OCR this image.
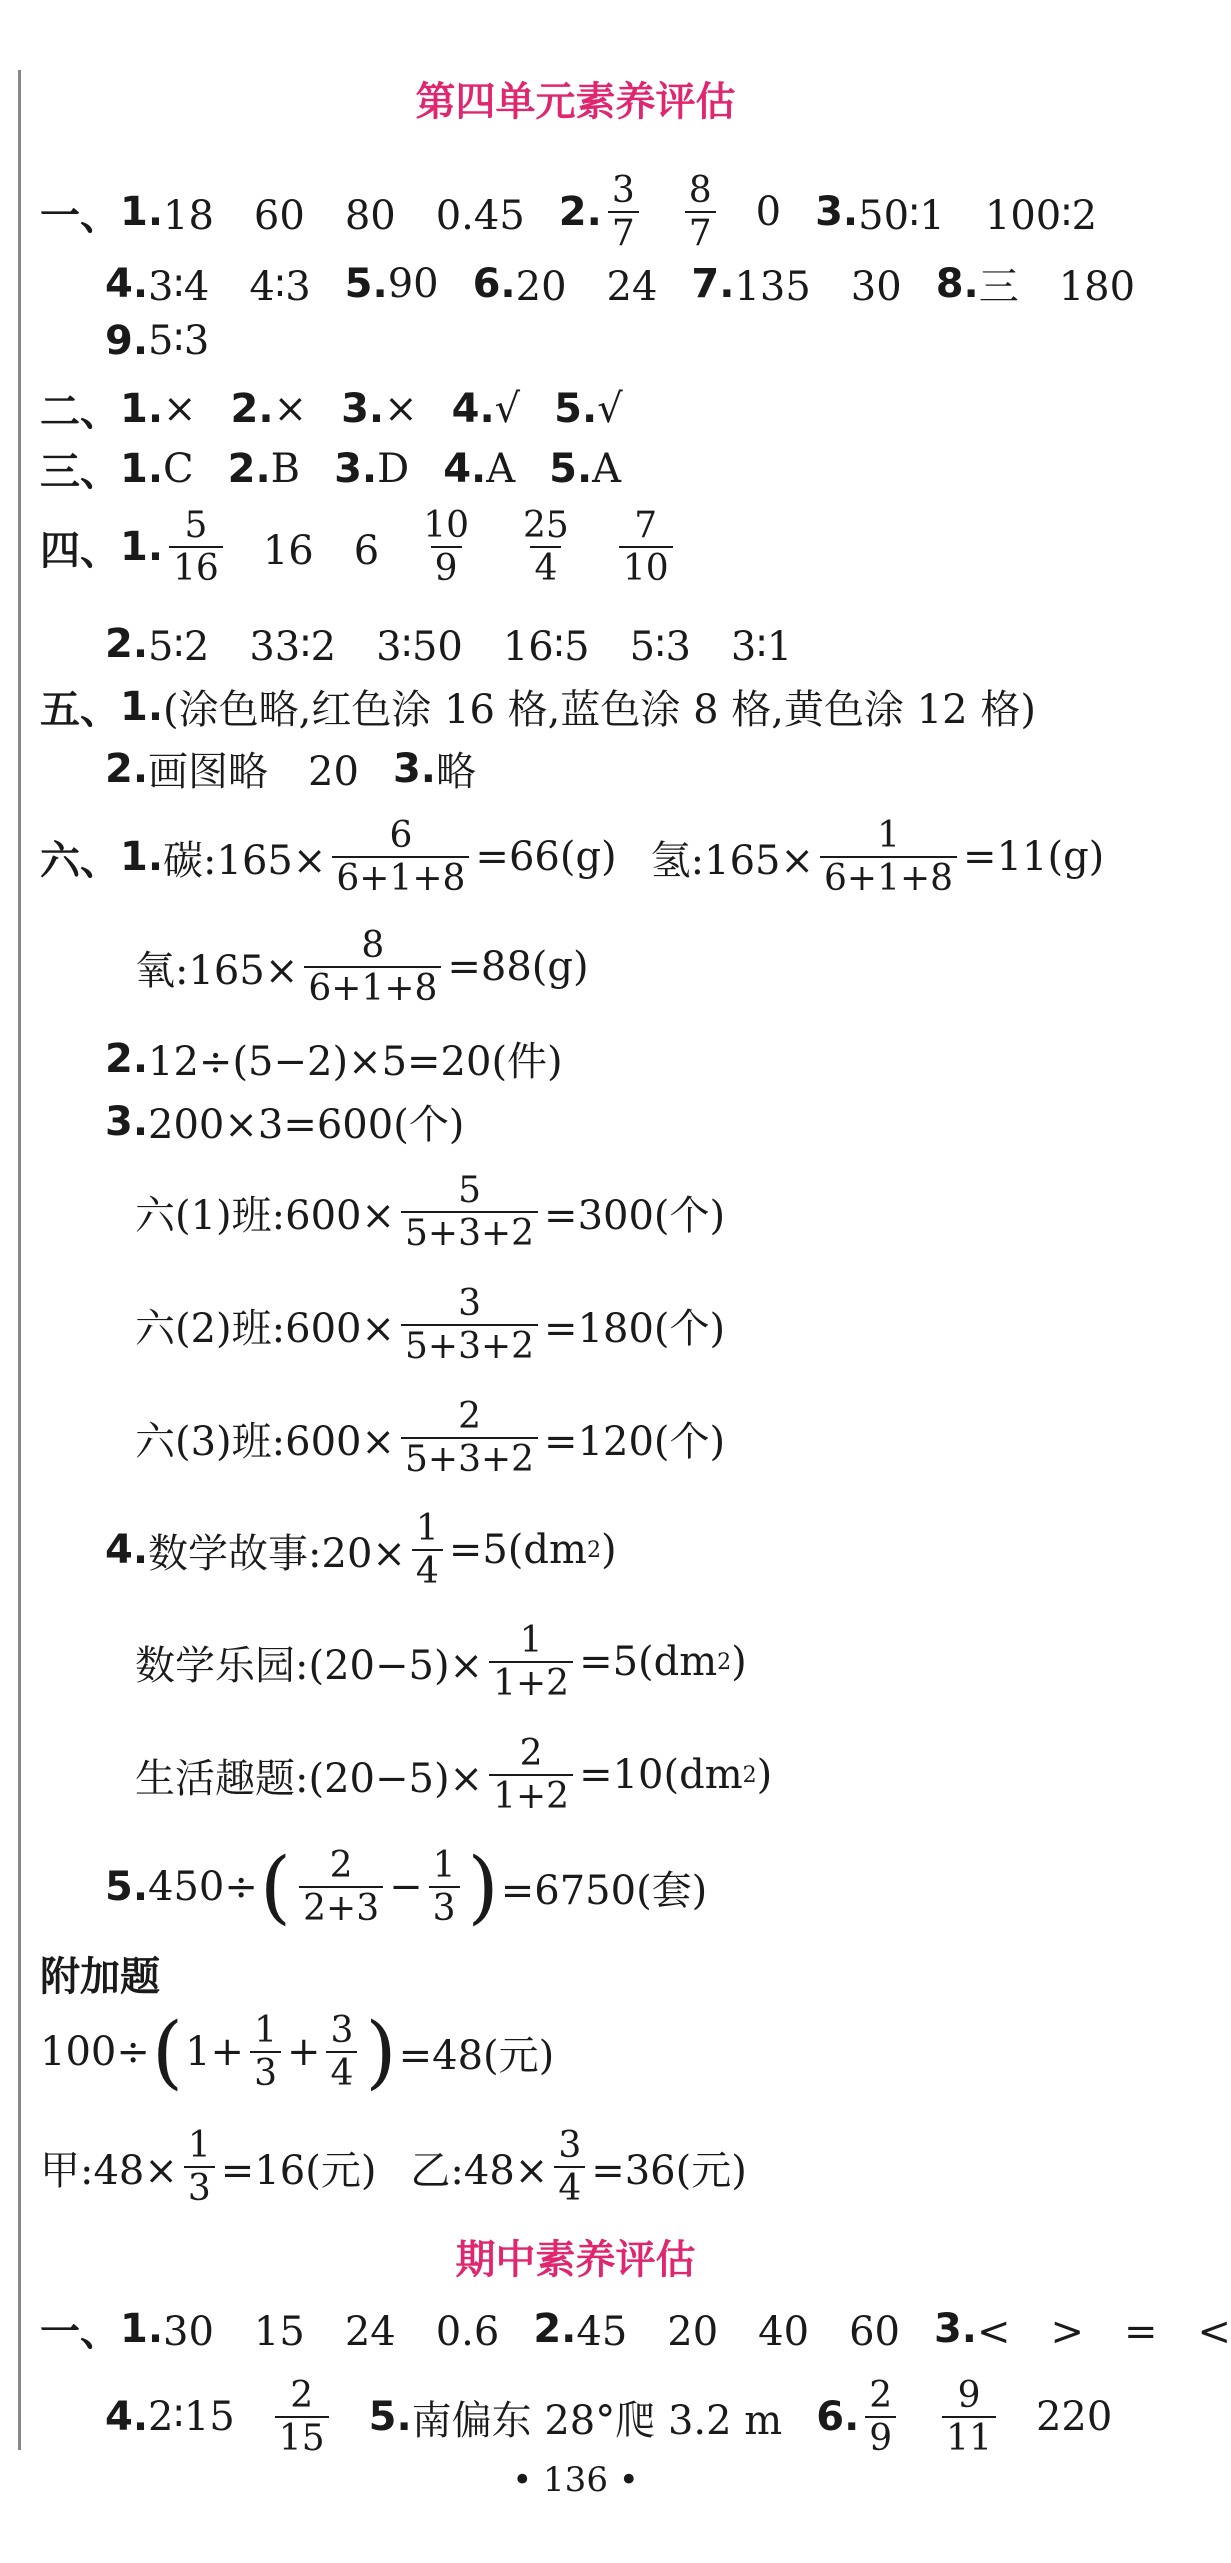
第四单元素养评估
一、 1. 18　60　80　0.45 2. $\frac{3}{7} \frac{8}{7} 0$ 3. 50∶1　100∶2
4. 3∶4　4∶3 5. 90 6. 20　24 7. 135　30 8. 三　180
9. 5∶3
二、 1. × 2. × 3. × 4. √ 5. √
三、 1. C 2. B 3. D 4. A 5. A
四、 1. $\frac{5}{16} 16$　$6 \frac{10}{9} \frac{25}{4} \frac{7}{10}$
2. 5∶2　33∶2　3∶50　16∶5　5∶3　3∶1
五、 1. (涂色略,红色涂 16 格,蓝色涂 8 格,黄色涂 12 格)
2. 画图略　20 3. 略
六、 1. 碳:165× $\frac{6}{6+1+8} =66(g)$ 氢:165× $\frac{1}{6+1+8} =11(g)$
氧:165× $\frac{8}{6+1+8} =88(g)$
2. 12÷(5−2)×5=20(件)
3. 200×3=600(个)
六(1)班:600× $\frac{5}{5+3+2} =300$(个)
六(2)班:600× $\frac{3}{5+3+2} =180$(个)
六(3)班:600× $\frac{2}{5+3+2} =120$(个)
4. 数学故事:20× $\frac{1}{4} =5(dm$ 2 )
数学乐园:(20−5)× $\frac{1}{1+2} =5(dm$ 2 )
生活趣题:(20−5)× $\frac{2}{1+2} =10(dm$ 2 )
5. 450÷ ( $\frac{2}{2+3} - \frac{1}{3}$ ) =6750(套)
附加题
100÷ ( $1+ \frac{1}{3} + \frac{3}{4}$ ) =48(元)
甲:48× $\frac{1}{3} =16$(元) 乙:48× $\frac{3}{4} =36$(元)
期中素养评估
一、 1. 30　15　24　0.6 2. 45　20　40　60 3. <　>　=　<
4. 2∶15 $\frac{2}{15} 5$. 南偏东 28°爬 3.2 m 6. $\frac{2}{9} \frac{9}{11} 220$
• 136 •
